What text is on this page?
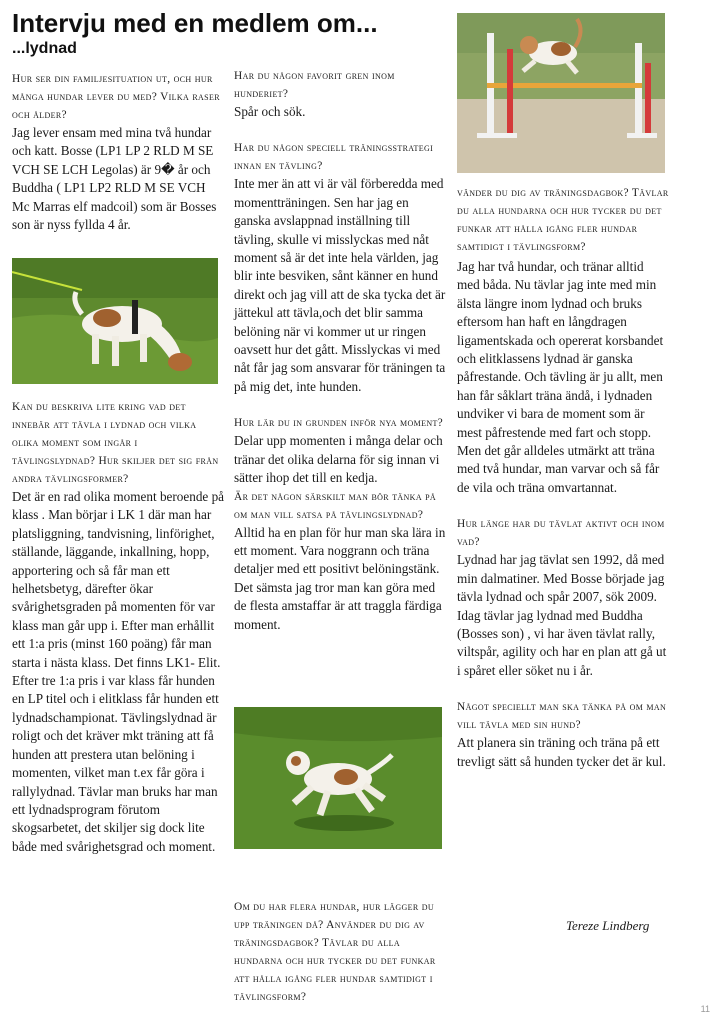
Intervju med en medlem om...
...lydnad

Hur ser din familjesituation ut, och hur många hundar lever du med? Vilka raser och ålder?

Jag lever ensam med mina två hundar och katt. Bosse (LP1 LP 2 RLD M SE VCH SE LCH Legolas) är 9� år och Buddha ( LP1 LP2 RLD M SE VCH Mc Marras elf madcoil) som är Bosses son är nyss fyllda 4 år.

Kan du beskriva lite kring vad det innebär att tävla i lydnad och vilka olika moment som ingår i tävlingslydnad? Hur skiljer det sig från andra tävlingsformer?

Det är en rad olika moment beroende på klass . Man börjar i LK 1 där man har platsliggning, tandvisning, linförighet, ställande, läggande, inkallning, hopp, apportering och så får man ett helhetsbetyg, därefter ökar svårighetsgraden på momenten för var klass man går upp i. Efter man erhållit ett 1:a pris (minst 160 poäng) får man starta i nästa klass. Det finns LK1- Elit. Efter tre 1:a pris i var klass får hunden en LP titel och i elitklass får hunden ett lydnadschampionat. Tävlingslydnad är roligt och det kräver mkt träning att få hunden att prestera utan belöning i momenten, vilket man t.ex får göra i rallylydnad. Tävlar man bruks har man ett lydnadsprogram förutom skogsarbetet, det skiljer sig dock lite både med svårighetsgrad och moment.

Har du någon favorit gren inom hunderiet?

Spår och sök.

Har du någon speciell träningsstrategi innan en tävling?

Inte mer än att vi är väl förberedda med momentträningen. Sen har jag en ganska avslappnad inställning till tävling, skulle vi misslyckas med nåt moment så är det inte hela världen, jag blir inte besviken, sånt känner en hund direkt och jag vill att de ska tycka det är jättekul att tävla,och det blir samma belöning när vi kommer ut ur ringen oavsett hur det gått. Misslyckas vi med nåt får jag som ansvarar för träningen ta på mig det, inte hunden.

Hur lär du in grunden inför nya moment?

Delar upp momenten i många delar och tränar det olika delarna för sig innan vi sätter ihop det till en kedja.

Är det någon särskilt man bör tänka på om man vill satsa på tävlingslydnad?

Alltid ha en plan för hur man ska lära in ett moment. Vara noggrann och träna detaljer med ett positivt belöningstänk. Det sämsta jag tror man kan göra med de flesta amstaffar är att traggla färdiga moment.

Om du har flera hundar, hur lägger du upp träningen då? Använder du dig av träningsdagbok? Tävlar du alla hundarna och hur tycker du det funkar att hålla igång fler hundar samtidigt i tävlingsform?

vänder du dig av träningsdagbok? Tävlar du alla hundarna och hur tycker du det funkar att hålla igång fler hundar samtidigt i tävlingsform?

Jag har två hundar, och tränar alltid med båda. Nu tävlar jag inte med min älsta längre inom lydnad och bruks eftersom han haft en långdragen ligamentskada och opererat korsbandet och elitklassens lydnad är ganska påfrestande. Och tävling är ju allt, men han får såklart träna ändå, i lydnaden undviker vi bara de moment som är mest påfrestende med fart och stopp. Men det går alldeles utmärkt att träna med två hundar, man varvar och så får de vila och träna omvartannat.

Hur länge har du tävlat aktivt och inom vad?

Lydnad har jag tävlat sen 1992, då med min dalmatiner. Med Bosse började jag tävla lydnad och spår 2007, sök 2009. Idag tävlar jag lydnad med Buddha (Bosses son) , vi har även tävlat rally, viltspår, agility och har en plan att gå ut i spåret eller söket nu i år.

Något speciellt man ska tänka på om man vill tävla med sin hund?

Att planera sin träning och träna på ett trevligt sätt så hunden tycker det är kul.

Tereze Lindberg
11
